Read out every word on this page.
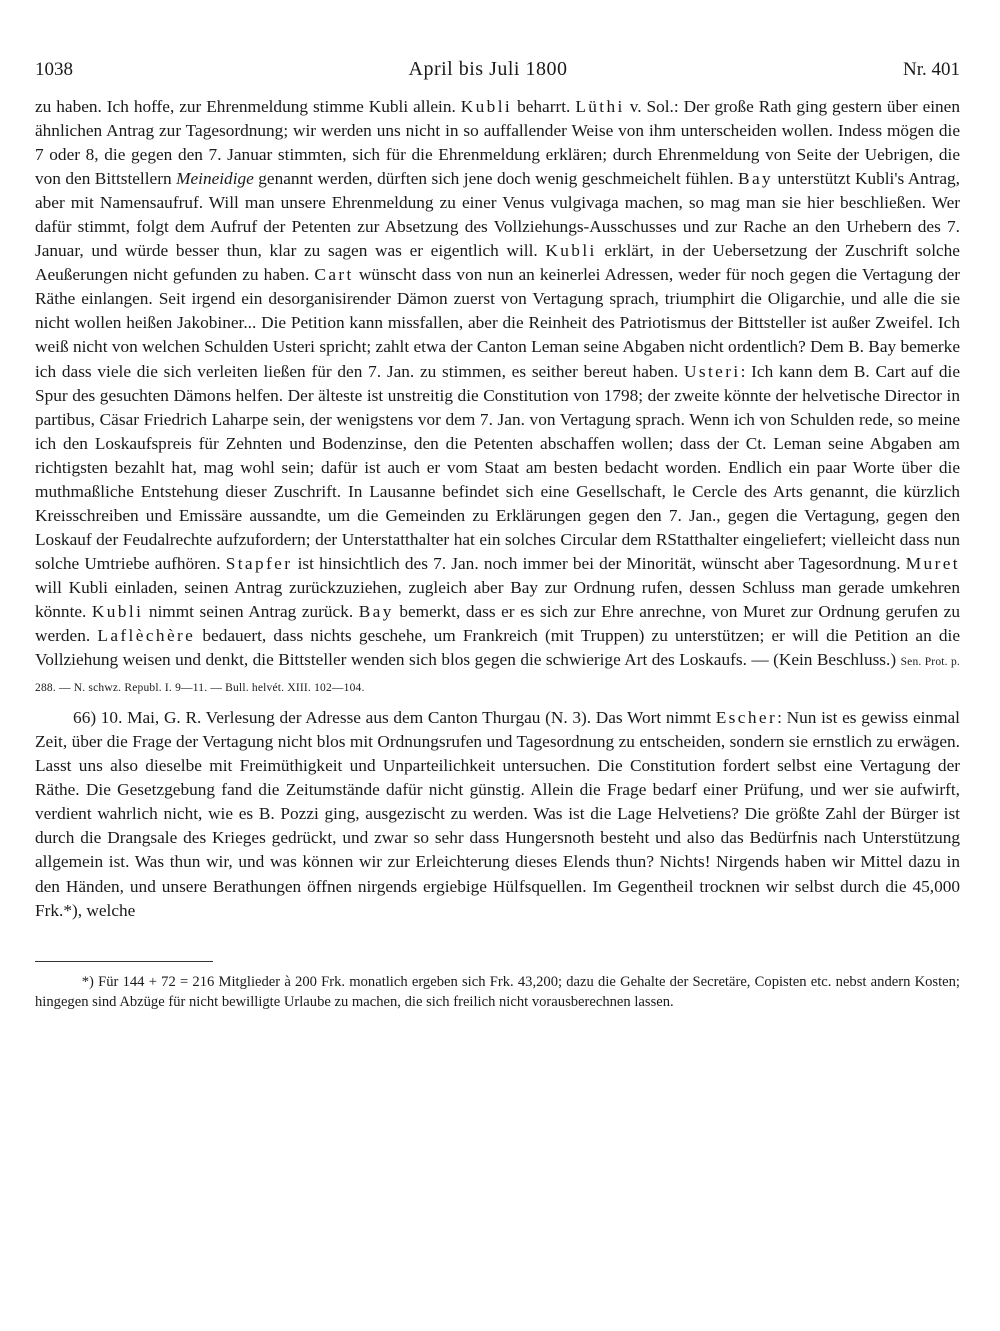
1038	April bis Juli 1800	Nr. 401

zu haben. Ich hoffe, zur Ehrenmeldung stimme Kubli allein. Kubli beharrt. Lüthi v. Sol.: Der große Rath ging gestern über einen ähnlichen Antrag zur Tagesordnung; wir werden uns nicht in so auffallender Weise von ihm unterscheiden wollen. Indess mögen die 7 oder 8, die gegen den 7. Januar stimmten, sich für die Ehrenmeldung erklären; durch Ehrenmeldung von Seite der Uebrigen, die von den Bittstellern Meineidige genannt werden, dürften sich jene doch wenig geschmeichelt fühlen. Bay unterstützt Kubli's Antrag, aber mit Namensaufruf. Will man unsere Ehrenmeldung zu einer Venus vulgivaga machen, so mag man sie hier beschließen. Wer dafür stimmt, folgt dem Aufruf der Petenten zur Absetzung des Vollziehungs-Ausschusses und zur Rache an den Urhebern des 7. Januar, und würde besser thun, klar zu sagen was er eigentlich will. Kubli erklärt, in der Uebersetzung der Zuschrift solche Aeußerungen nicht gefunden zu haben. Cart wünscht dass von nun an keinerlei Adressen, weder für noch gegen die Vertagung der Räthe einlangen. Seit irgend ein desorganisirender Dämon zuerst von Vertagung sprach, triumphirt die Oligarchie, und alle die sie nicht wollen heißen Jakobiner... Die Petition kann missfallen, aber die Reinheit des Patriotismus der Bittsteller ist außer Zweifel. Ich weiß nicht von welchen Schulden Usteri spricht; zahlt etwa der Canton Leman seine Abgaben nicht ordentlich? Dem B. Bay bemerke ich dass viele die sich verleiten ließen für den 7. Jan. zu stimmen, es seither bereut haben. Usteri: Ich kann dem B. Cart auf die Spur des gesuchten Dämons helfen. Der älteste ist unstreitig die Constitution von 1798; der zweite könnte der helvetische Director in partibus, Cäsar Friedrich Laharpe sein, der wenigstens vor dem 7. Jan. von Vertagung sprach. Wenn ich von Schulden rede, so meine ich den Loskaufspreis für Zehnten und Bodenzinse, den die Petenten abschaffen wollen; dass der Ct. Leman seine Abgaben am richtigsten bezahlt hat, mag wohl sein; dafür ist auch er vom Staat am besten bedacht worden. Endlich ein paar Worte über die muthmaßliche Entstehung dieser Zuschrift. In Lausanne befindet sich eine Gesellschaft, le Cercle des Arts genannt, die kürzlich Kreisschreiben und Emissäre aussandte, um die Gemeinden zu Erklärungen gegen den 7. Jan., gegen die Vertagung, gegen den Loskauf der Feudalrechte aufzufordern; der Unterstatthalter hat ein solches Circular dem RStatthalter eingeliefert; vielleicht dass nun solche Umtriebe aufhören. Stapfer ist hinsichtlich des 7. Jan. noch immer bei der Minorität, wünscht aber Tagesordnung. Muret will Kubli einladen, seinen Antrag zurückzuziehen, zugleich aber Bay zur Ordnung rufen, dessen Schluss man gerade umkehren könnte. Kubli nimmt seinen Antrag zurück. Bay bemerkt, dass er es sich zur Ehre anrechne, von Muret zur Ordnung gerufen zu werden. Laflèchère bedauert, dass nichts geschehe, um Frankreich (mit Truppen) zu unterstützen; er will die Petition an die Vollziehung weisen und denkt, die Bittsteller wenden sich blos gegen die schwierige Art des Loskaufs. — (Kein Beschluss.) Sen. Prot. p. 288. — N. schwz. Republ. I. 9—11. — Bull. helvét. XIII. 102—104.

66) 10. Mai, G. R. Verlesung der Adresse aus dem Canton Thurgau (N. 3). Das Wort nimmt Escher: Nun ist es gewiss einmal Zeit, über die Frage der Vertagung nicht blos mit Ordnungsrufen und Tagesordnung zu entscheiden, sondern sie ernstlich zu erwägen. Lasst uns also dieselbe mit Freimüthigkeit und Unparteilichkeit untersuchen. Die Constitution fordert selbst eine Vertagung der Räthe. Die Gesetzgebung fand die Zeitumstände dafür nicht günstig. Allein die Frage bedarf einer Prüfung, und wer sie aufwirft, verdient wahrlich nicht, wie es B. Pozzi ging, ausgezischt zu werden. Was ist die Lage Helvetiens? Die größte Zahl der Bürger ist durch die Drangsale des Krieges gedrückt, und zwar so sehr dass Hungersnoth besteht und also das Bedürfnis nach Unterstützung allgemein ist. Was thun wir, und was können wir zur Erleichterung dieses Elends thun? Nichts! Nirgends haben wir Mittel dazu in den Händen, und unsere Berathungen öffnen nirgends ergiebige Hülfsquellen. Im Gegentheil trocknen wir selbst durch die 45,000 Frk.*), welche

*) Für 144 + 72 = 216 Mitglieder à 200 Frk. monatlich ergeben sich Frk. 43,200; dazu die Gehalte der Secretäre, Copisten etc. nebst andern Kosten; hingegen sind Abzüge für nicht bewilligte Urlaube zu machen, die sich freilich nicht vorausberechnen lassen.
